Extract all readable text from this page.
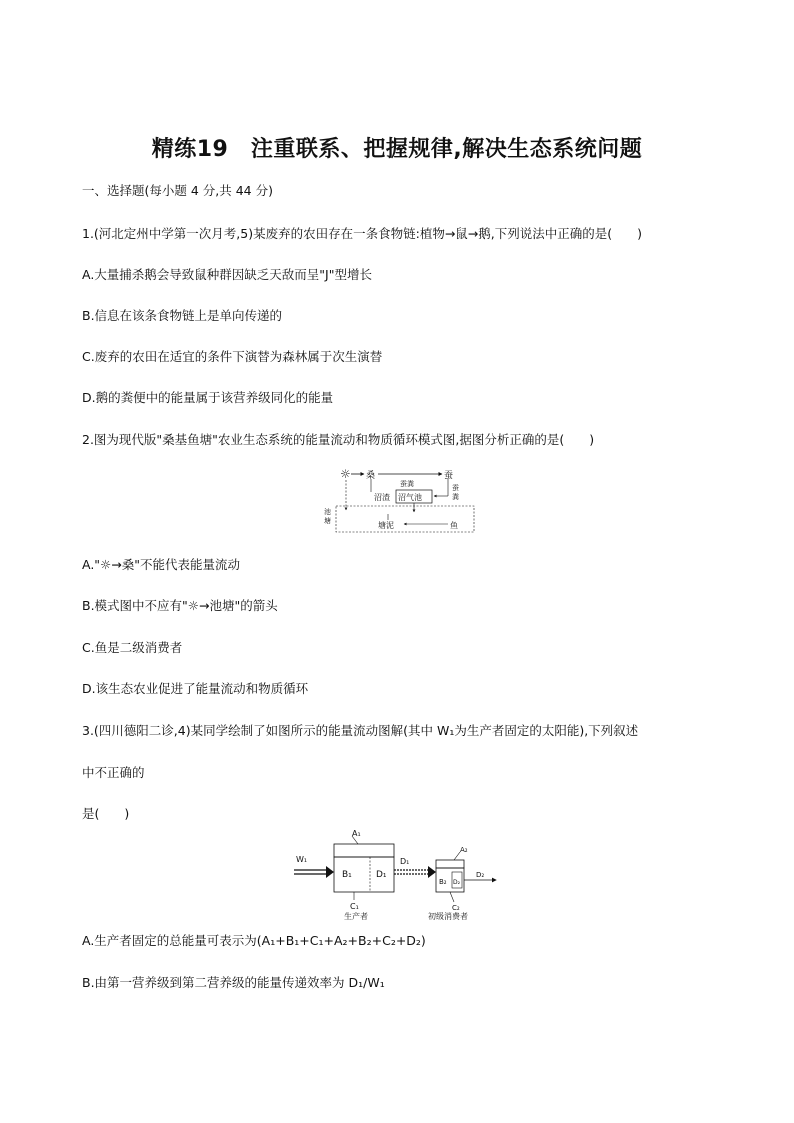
精练19　注重联系、把握规律,解决生态系统问题
一、选择题(每小题 4 分,共 44 分)
1.(河北定州中学第一次月考,5)某废弃的农田存在一条食物链:植物→鼠→鹅,下列说法中正确的是(　　)
A.大量捕杀鹅会导致鼠种群因缺乏天敌而呈"J"型增长
B.信息在该条食物链上是单向传递的
C.废弃的农田在适宜的条件下演替为森林属于次生演替
D.鹅的粪便中的能量属于该营养级同化的能量
2.图为现代版"桑基鱼塘"农业生态系统的能量流动和物质循环模式图,据图分析正确的是(　　)
☼ 桑	蚕
蚕粪	蚕
粪
沼渣 沼气池
池
塘	塘泥	鱼
A."☼→桑"不能代表能量流动
B.模式图中不应有"☼→池塘"的箭头
C.鱼是二级消费者
D.该生态农业促进了能量流动和物质循环
3.(四川德阳二诊,4)某同学绘制了如图所示的能量流动图解(其中 W₁为生产者固定的太阳能),下列叙述
中不正确的
是(　　)
W₁
A₁
B₁	D₁
C₁
生产者
D₁
A₂
B₂ D₂
D₂
C₂
初级消费者
A.生产者固定的总能量可表示为(A₁+B₁+C₁+A₂+B₂+C₂+D₂)
B.由第一营养级到第二营养级的能量传递效率为 D₁/W₁
